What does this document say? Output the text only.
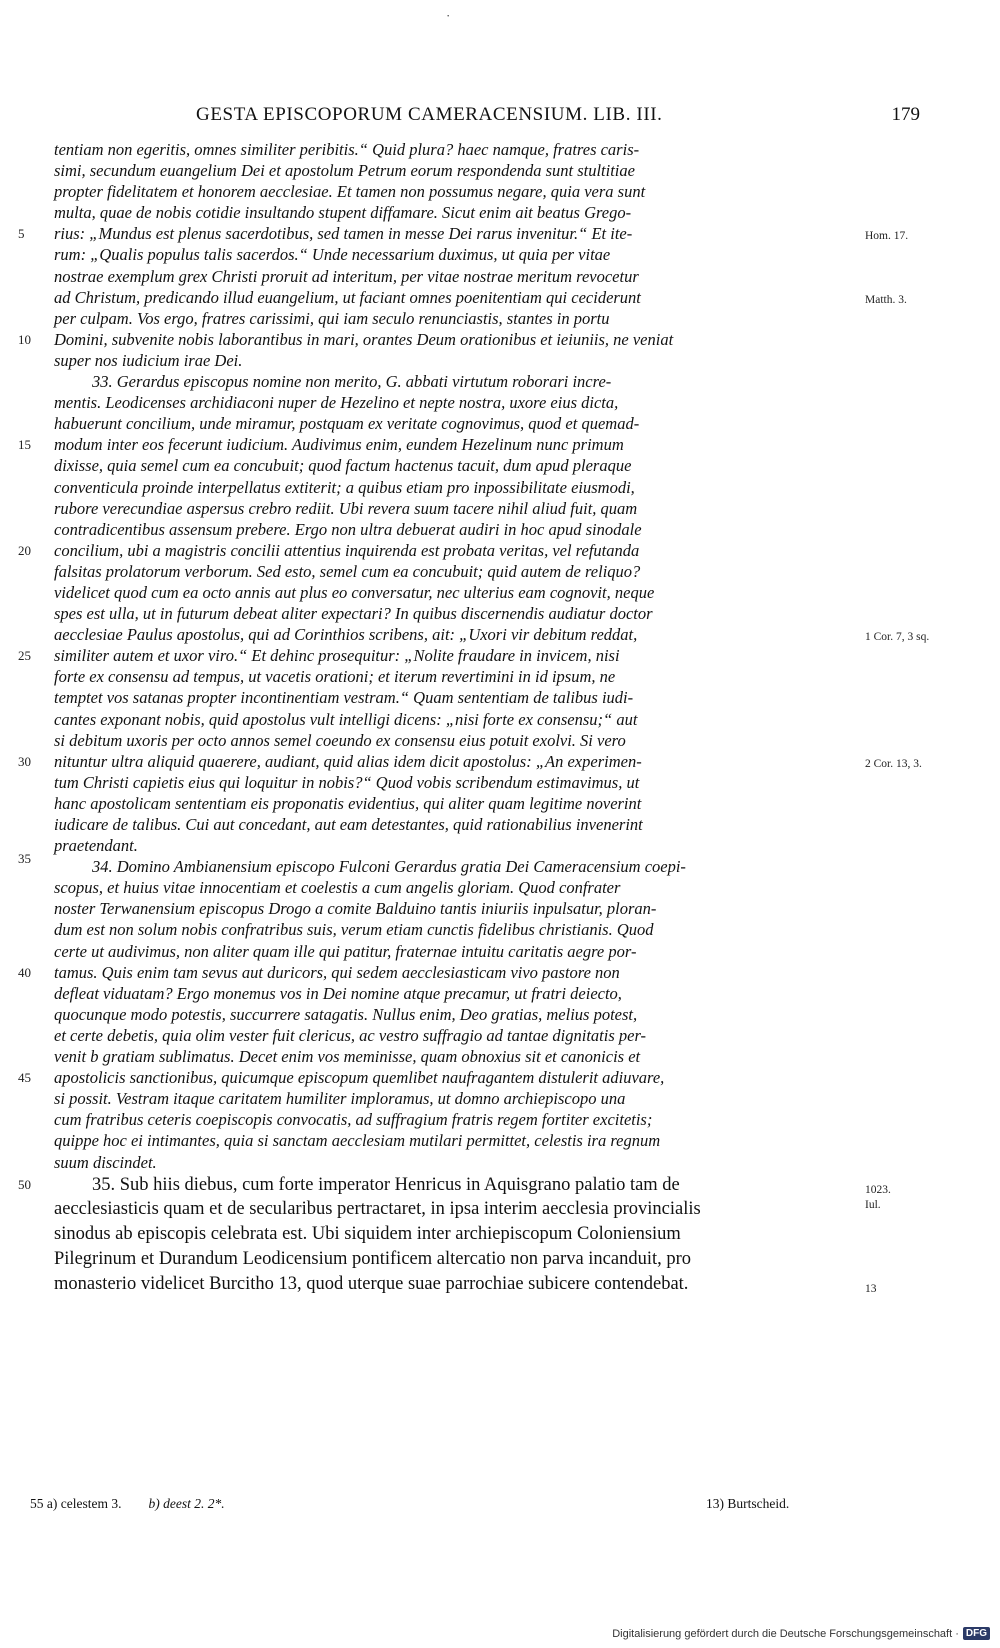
·
GESTA EPISCOPORUM CAMERACENSIUM. LIB. III.	179
tentiam non egeritis, omnes similiter peribitis.“ Quid plura? haec namque, fratres caris-
simi, secundum euangelium Dei et apostolum Petrum eorum respondenda sunt stultitiae
propter fidelitatem et honorem aecclesiae. Et tamen non possumus negare, quia vera sunt
multa, quae de nobis cotidie insultando stupent diffamare. Sicut enim ait beatus Grego-
rius: „Mundus est plenus sacerdotibus, sed tamen in messe Dei rarus invenitur.“ Et ite-
5	Hom. 17.
rum: „Qualis populus talis sacerdos.“ Unde necessarium duximus, ut quia per vitae
nostrae exemplum grex Christi proruit ad interitum, per vitae nostrae meritum revocetur
ad Christum, predicando illud euangelium, ut faciant omnes poenitentiam qui ceciderunt	Matth. 3.
per culpam. Vos ergo, fratres carissimi, qui iam seculo renunciastis, stantes in portu
Domini, subvenite nobis laborantibus in mari, orantes Deum orationibus et ieiuniis, ne veniat
10
super nos iudicium irae Dei.
33. Gerardus episcopus nomine non merito, G. abbati virtutum roborari incre-
mentis. Leodicenses archidiaconi nuper de Hezelino et nepte nostra, uxore eius dicta,
habuerunt concilium, unde miramur, postquam ex veritate cognovimus, quod et quemad-
modum inter eos fecerunt iudicium. Audivimus enim, eundem Hezelinum nunc primum
15
dixisse, quia semel cum ea concubuit; quod factum hactenus tacuit, dum apud pleraque
conventicula proinde interpellatus extiterit; a quibus etiam pro inpossibilitate eiusmodi,
rubore verecundiae aspersus crebro rediit. Ubi revera suum tacere nihil aliud fuit, quam
contradicentibus assensum prebere. Ergo non ultra debuerat audiri in hoc apud sinodale
concilium, ubi a magistris concilii attentius inquirenda est probata veritas, vel refutanda
20
falsitas prolatorum verborum. Sed esto, semel cum ea concubuit; quid autem de reliquo?
videlicet quod cum ea octo annis aut plus eo conversatur, nec ulterius eam cognovit, neque
spes est ulla, ut in futurum debeat aliter expectari? In quibus discernendis audiatur doctor
aecclesiae Paulus apostolus, qui ad Corinthios scribens, ait: „Uxori vir debitum reddat,	1 Cor. 7, 3 sq.
similiter autem et uxor viro.“ Et dehinc prosequitur: „Nolite fraudare in invicem, nisi
25
forte ex consensu ad tempus, ut vacetis orationi; et iterum revertimini in id ipsum, ne
temptet vos satanas propter incontinentiam vestram.“ Quam sententiam de talibus iudi-
cantes exponant nobis, quid apostolus vult intelligi dicens: „nisi forte ex consensu;“ aut
si debitum uxoris per octo annos semel coeundo ex consensu eius potuit exolvi. Si vero
nituntur ultra aliquid quaerere, audiant, quid alias idem dicit apostolus: „An experimen-
30	2 Cor. 13, 3.
tum Christi capietis eius qui loquitur in nobis?“ Quod vobis scribendum estimavimus, ut
hanc apostolicam sententiam eis proponatis evidentius, qui aliter quam legitime noverint
iudicare de talibus. Cui aut concedant, aut eam detestantes, quid rationabilius invenerint
praetendant.
34. Domino Ambianensium episcopo Fulconi Gerardus gratia Dei Cameracensium coepi-
35
scopus, et huius vitae innocentiam et coelestis a cum angelis gloriam. Quod confrater
noster Terwanensium episcopus Drogo a comite Balduino tantis iniuriis inpulsatur, ploran-
dum est non solum nobis confratribus suis, verum etiam cunctis fidelibus christianis. Quod
certe ut audivimus, non aliter quam ille qui patitur, fraternae intuitu caritatis aegre por-
tamus. Quis enim tam sevus aut duricors, qui sedem aecclesiasticam vivo pastore non
40
defleat viduatam? Ergo monemus vos in Dei nomine atque precamur, ut fratri deiecto,
quocunque modo potestis, succurrere satagatis. Nullus enim, Deo gratias, melius potest,
et certe debetis, quia olim vester fuit clericus, ac vestro suffragio ad tantae dignitatis per-
venit b gratiam sublimatus. Decet enim vos meminisse, quam obnoxius sit et canonicis et
apostolicis sanctionibus, quicumque episcopum quemlibet naufragantem distulerit adiuvare,
45
si possit. Vestram itaque caritatem humiliter imploramus, ut domno archiepiscopo una
cum fratribus ceteris coepiscopis convocatis, ad suffragium fratris regem fortiter excitetis;
quippe hoc ei intimantes, quia si sanctam aecclesiam mutilari permittet, celestis ira regnum
suum discindet.
35. Sub hiis diebus, cum forte imperator Henricus in Aquisgrano palatio tam de
50	1023.
aecclesiasticis quam et de secularibus pertractaret, in ipsa interim aecclesia provincialis	Iul.
sinodus ab episcopis celebrata est. Ubi siquidem inter archiepiscopum Coloniensium
Pilegrinum et Durandum Leodicensium pontificem altercatio non parva incanduit, pro
monasterio videlicet Burcitho 13, quod uterque suae parrochiae subicere contendebat.	13
55 a) celestem 3. b) deest 2. 2*.	13) Burtscheid.
Digitalisierung gefördert durch die Deutsche Forschungsgemeinschaft · DFG
